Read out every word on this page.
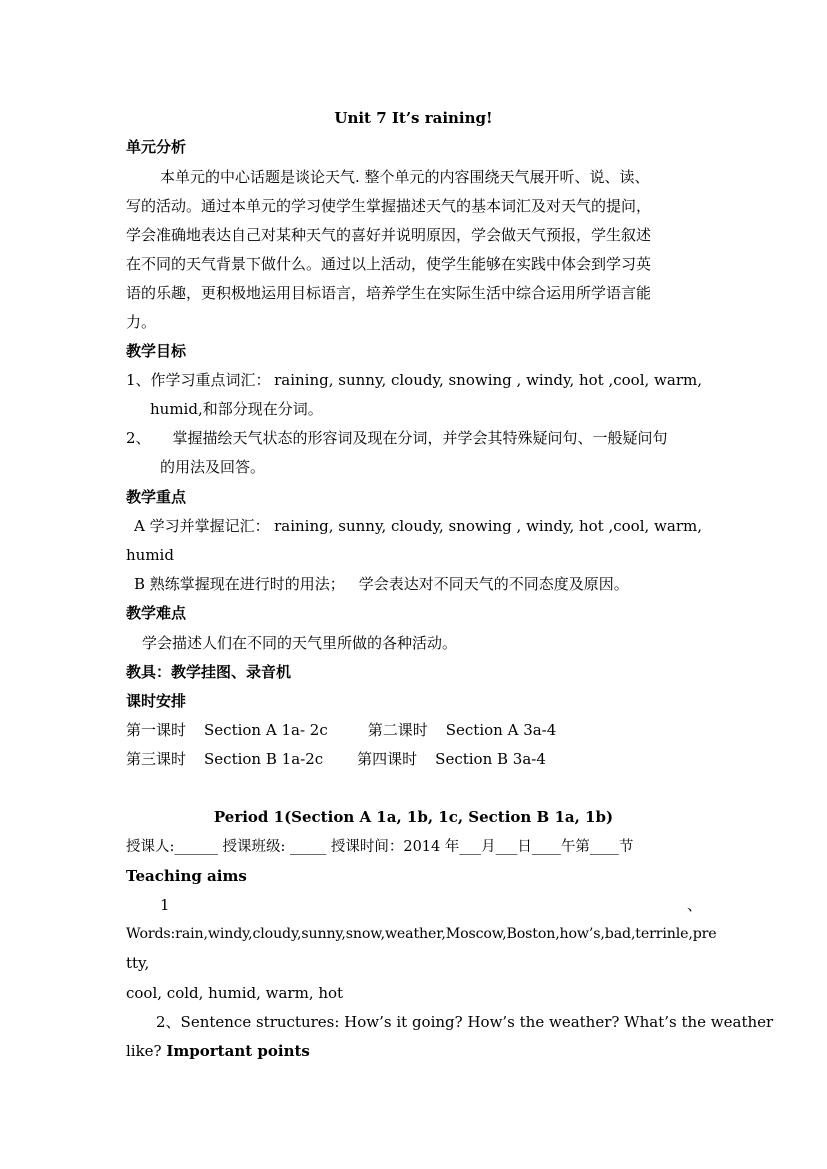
Unit 7 It’s raining!
单元分析
本单元的中心话题是谈论天气. 整个单元的内容围绕天气展开听、说、读、
写的活动。通过本单元的学习使学生掌握描述天气的基本词汇及对天气的提问，
学会准确地表达自己对某种天气的喜好并说明原因，学会做天气预报，学生叙述
在不同的天气背景下做什么。通过以上活动，使学生能够在实践中体会到学习英
语的乐趣，更积极地运用目标语言，培养学生在实际生活中综合运用所学语言能
力。
教学目标
1、作学习重点词汇： raining, sunny, cloudy, snowing , windy, hot ,cool, warm,
humid,和部分现在分词。
2、 掌握描绘天气状态的形容词及现在分词，并学会其特殊疑问句、一般疑问句
的用法及回答。
教学重点
A 学习并掌握记汇： raining, sunny, cloudy, snowing , windy, hot ,cool, warm,
humid
B 熟练掌握现在进行时的用法； 学会表达对不同天气的不同态度及原因。
教学难点
学会描述人们在不同的天气里所做的各种活动。
教具：教学挂图、录音机
课时安排
第一课时 Section A 1a- 2c	第二课时 Section A 3a-4
第三课时 Section B 1a-2c 第四课时 Section B 3a-4
Period 1(Section A 1a, 1b, 1c, Section B 1a, 1b)
授课人:______ 授课班级: _____ 授课时间：2014 年___月___日____午第____节
Teaching aims
1	、
Words:rain,windy,cloudy,sunny,snow,weather,Moscow,Boston,how’s,bad,terrinle,pre
tty,
cool, cold, humid, warm, hot
2、Sentence structures: How’s it going? How’s the weather? What’s the weather
like? Important points
